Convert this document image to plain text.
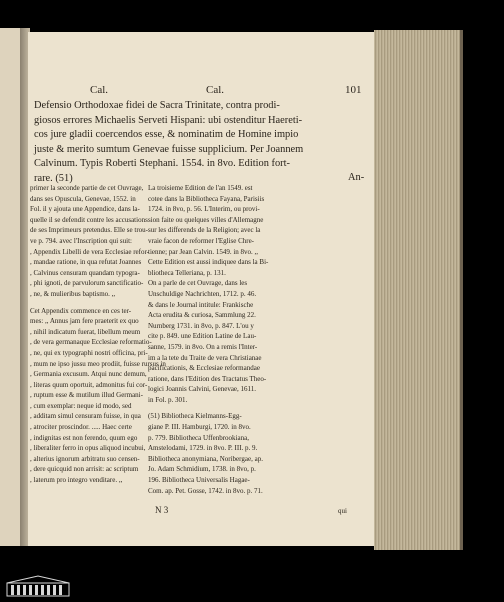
Cal.	Cal.	101
Defensio Orthodoxae fidei de Sacra Trinitate, contra prodi-
giosos errores Michaelis Serveti Hispani: ubi ostenditur Haereti-
cos jure gladii coercendos esse, & nominatim de Homine impio
juste & merito sumtum Genevae fuisse supplicium. Per Joannem
Calvinum. Typis Roberti Stephani. 1554. in 8vo. Edition fort-
rare. (51)	An-
primer la seconde partie de cet Ouvrage,
dans ses Opuscula, Genevae, 1552. in
Fol. il y ajouta une Appendice, dans la-
quelle il se defendit contre les accusations
de ses Imprimeurs pretendus. Elle se trou-
ve p. 794. avec l'Inscription qui suit:
, Appendix Libelli de vera Ecclesiae refor-
, mandae ratione, in qua refutat Joannes
, Calvinus censuram quandam typogra-
, phi ignoti, de parvulorum sanctificatio-
, ne, & mulieribus baptismo. ,,
Cet Appendix commence en ces ter-
mes: ,, Annus jam fere praeterit ex quo
, nihil indicatum fuerat, libellum meum
, de vera germanaque Ecclesiae reformatio-
, ne, qui ex typographi nostri officina, pri-
, mum ne ipso jussu meo prodiit, fuisse rursus in
, Germania excusum. Atqui nunc demum,
, literas quum oportuit, admonitus fui cor-
, ruptum esse & mutilum illud Germani-
, cum exemplar: neque id modo, sed
, additam simul censuram fuisse, in qua
, atrociter proscindor. ..... Haec certe
, indignitas est non ferendo, quum ego
, liberaliter ferro in opus aliquod incubui,
, alterius ignorum arbitratu suo censen-
, dere quicquid non arrisit: ac scriptum
, laterum pro integro venditare. ,,
La troisieme Edition de l'an 1549. est
cotee dans la Bibliotheca Fayana, Parisiis
1724. in 8vo, p. 56. L'Interim, ou provi-
sion faite ou quelques villes d'Allemagne
sur les differends de la Religion; avec la
vraie facon de reformer l'Eglise Chre-
tienne; par Jean Calvin. 1549. in 8vo. ,,
Cette Edition est aussi indiquee dans la Bi-
bliotheca Telleriana, p. 131.
On a parle de cet Ouvrage, dans les
Unschuldige Nachrichten, 1712. p. 46.
& dans le Journal intitule: Frankische
Acta erudita & curiosa, Sammlung 22.
Nurnberg 1731. in 8vo, p. 847. L'ou y
cite p. 849. une Edition Latine de Lau-
sanne, 1579. in 8vo. On a remis l'Inter-
im a la tete du Traite de vera Christianae
pacificationis, & Ecclesiae reformandae
ratione, dans l'Edition des Tractatus Theo-
logici Joannis Calvini, Genevae, 1611.
in Fol. p. 301.
(51) Bibliotheca Kielmanns-Egg-
giane P. III. Hamburgi, 1720. in 8vo.
p. 779. Bibliotheca Uffenbrookiana,
Amstelodami, 1729. in 8vo. P. III. p. 9.
Bibliotheca anonymiana, Noribergae, ap.
Jo. Adam Schmidium, 1738. in 8vo, p.
196. Bibliotheca Universalis Hagae-
Com. ap. Pet. Gosse, 1742. in 8vo. p. 71.
N 3	qui
